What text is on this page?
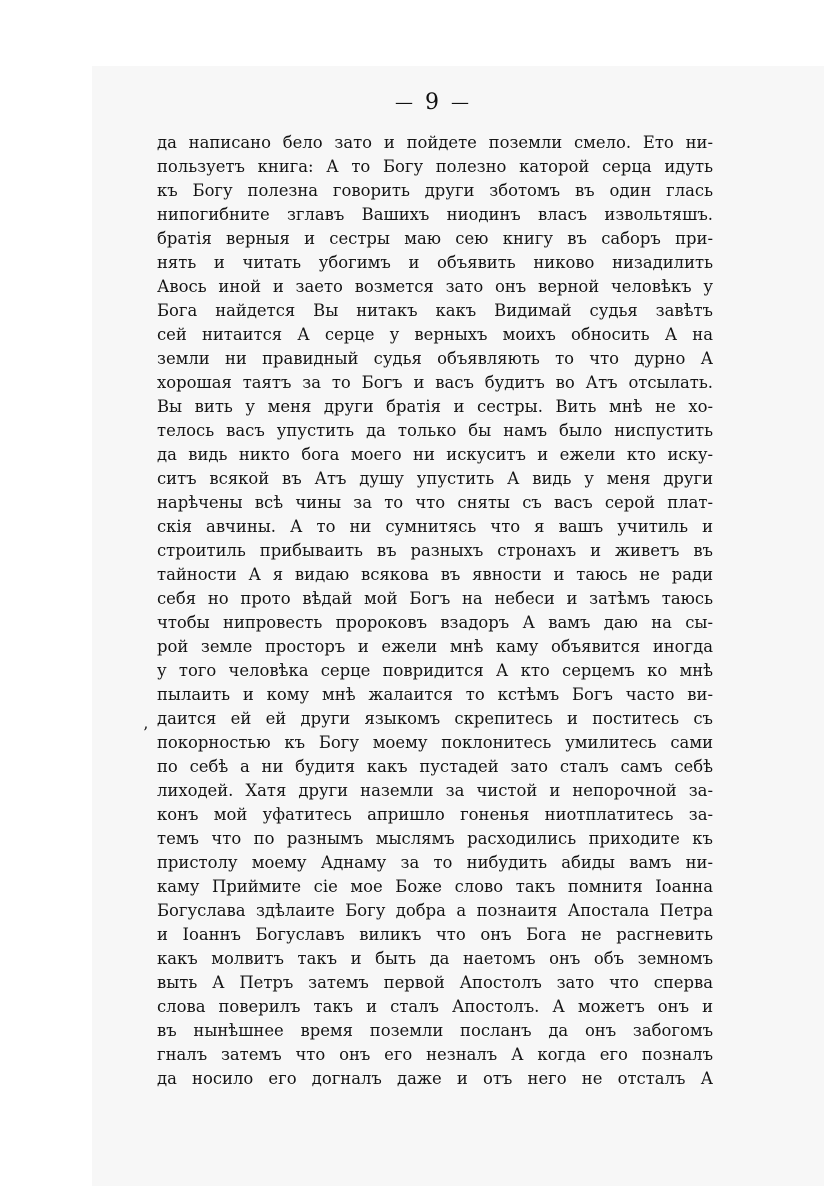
— 9 —
’
да написано бело зато и пойдете поземли смело. Ето ни-
пользуетъ книга: А то Богу полезно каторой серца идуть
къ Богу полезна говорить други зботомъ въ один глась
нипогибните зглавъ Вашихъ ниодинъ власъ извольтяшъ.
братія верныя и сестры маю сею книгу въ саборъ при-
нять и читать убогимъ и объявить никово низадилить
Авось иной и заето возмется зато онъ верной человѣкъ у
Бога найдется Вы нитакъ какъ Видимай судья завѣтъ
сей нитаится А серце у верныхъ моихъ обносить А на
земли ни правидный судья объявляють то что дурно А
хорошая таятъ за то Богъ и васъ будитъ во Атъ отсылать.
Вы вить у меня други братія и сестры. Вить мнѣ не хо-
телось васъ упустить да только бы намъ было ниспустить
да видь никто бога моего ни искуситъ и ежели кто иску-
ситъ всякой въ Атъ душу упустить А видь у меня други
нарѣчены всѣ чины за то что сняты съ васъ серой плат-
скія авчины. А то ни сумнитясь что я вашъ учитиль и
строитиль прибываить въ разныхъ стронахъ и живетъ въ
тайности А я видаю всякова въ явности и таюсь не ради
себя но прото вѣдай мой Богъ на небеси и затѣмъ таюсь
чтобы нипровесть пророковъ взадоръ А вамъ даю на сы-
рой земле просторъ и ежели мнѣ каму объявится иногда
у того человѣка серце повридится А кто серцемъ ко мнѣ
пылаить и кому мнѣ жалаится то кстѣмъ Богъ часто ви-
даится ей ей други языкомъ скрепитесь и поститесь съ
покорностью къ Богу моему поклонитесь умилитесь сами
по себѣ а ни будитя какъ пустадей зато сталъ самъ себѣ
лиходей. Хатя други наземли за чистой и непорочной за-
конъ мой уфатитесь апришло гоненья ниотплатитесь за-
темъ что по разнымъ мыслямъ расходились приходите къ
пристолу моему Аднаму за то нибудить абиды вамъ ни-
каму Приймите сіе мое Боже слово такъ помнитя Іоанна
Богуслава здѣлаите Богу добра а познаитя Апостала Петра
и Іоаннъ Богуславъ виликъ что онъ Бога не расгневить
какъ молвитъ такъ и быть да наетомъ онъ объ земномъ
выть А Петръ затемъ первой Апостолъ зато что сперва
слова поверилъ такъ и сталъ Апостолъ. А можетъ онъ и
въ нынѣшнее время поземли посланъ да онъ забогомъ
гналъ затемъ что онъ его незналъ А когда его позналъ
да носило его догналъ даже и отъ него не отсталъ А
